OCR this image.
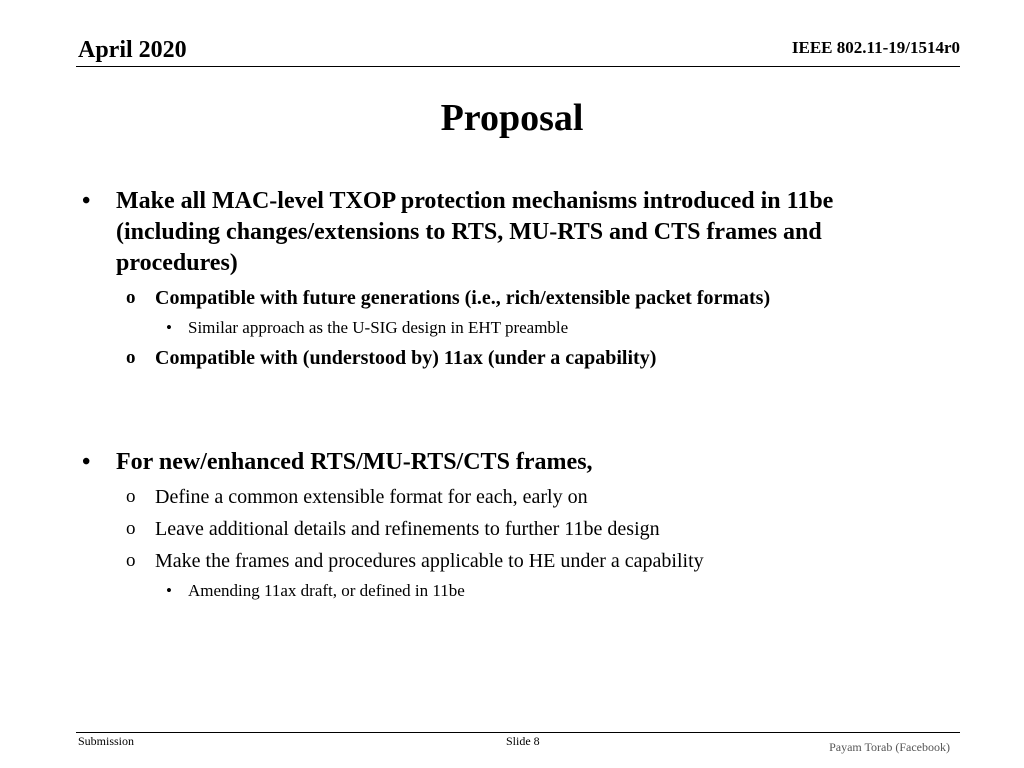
April 2020	IEEE 802.11-19/1514r0
Proposal
• Make all MAC-level TXOP protection mechanisms introduced in 11be (including changes/extensions to RTS, MU-RTS and CTS frames and procedures)
o Compatible with future generations (i.e., rich/extensible packet formats)
• Similar approach as the U-SIG design in EHT preamble
o Compatible with (understood by) 11ax (under a capability)
• For new/enhanced RTS/MU-RTS/CTS frames,
o Define a common extensible format for each, early on
o Leave additional details and refinements to further 11be design
o Make the frames and procedures applicable to HE under a capability
• Amending 11ax draft, or defined in 11be
Submission	Slide 8	Payam Torab (Facebook)
